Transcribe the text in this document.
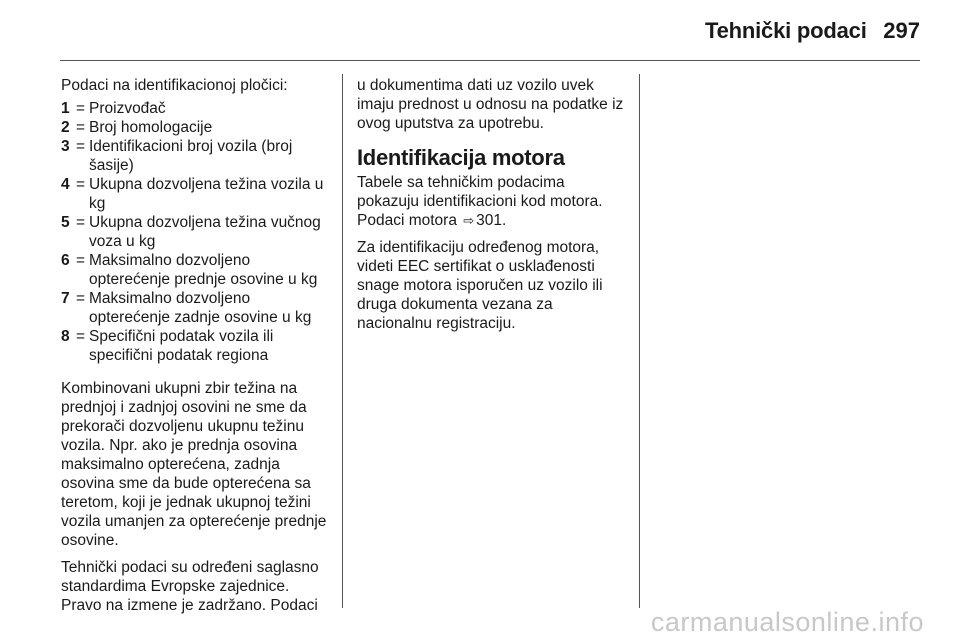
Tehnički podaci 297

Podaci na identifikacionoj pločici:

1 = Proizvođač
2 = Broj homologacije
3 = Identifikacioni broj vozila (broj šasije)
4 = Ukupna dozvoljena težina vozila u kg
5 = Ukupna dozvoljena težina vučnog voza u kg
6 = Maksimalno dozvoljeno opterećenje prednje osovine u kg
7 = Maksimalno dozvoljeno opterećenje zadnje osovine u kg
8 = Specifični podatak vozila ili specifični podatak regiona

Kombinovani ukupni zbir težina na prednjoj i zadnjoj osovini ne sme da prekorači dozvoljenu ukupnu težinu vozila. Npr. ako je prednja osovina maksimalno opterećena, zadnja osovina sme da bude opterećena sa teretom, koji je jednak ukupnoj težini vozila umanjen za opterećenje prednje osovine.

Tehnički podaci su određeni saglasno standardima Evropske zajednice. Pravo na izmene je zadržano. Podaci

u dokumentima dati uz vozilo uvek imaju prednost u odnosu na podatke iz ovog uputstva za upotrebu.

Identifikacija motora

Tabele sa tehničkim podacima pokazuju identifikacioni kod motora. Podaci motora ⇨ 301.

Za identifikaciju određenog motora, videti EEC sertifikat o usklađenosti snage motora isporučen uz vozilo ili druga dokumenta vezana za nacionalnu registraciju.

carmanualsonline.info
